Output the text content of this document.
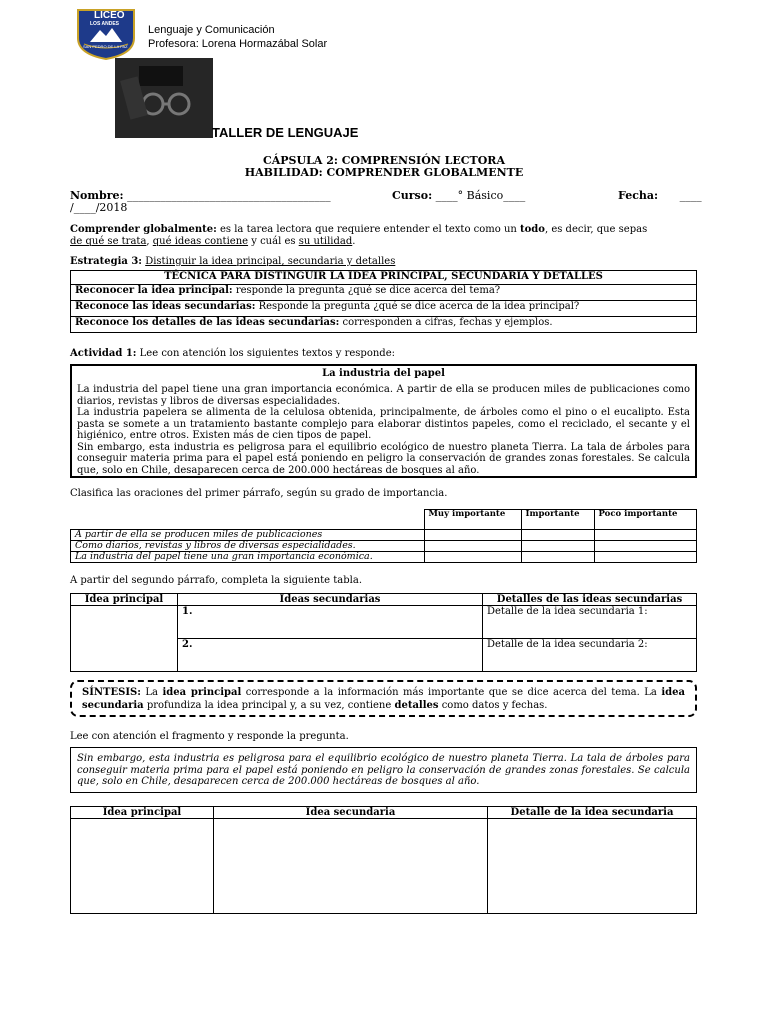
LICEO
LOS ANDES
SAN PEDRO DE LA PAZ
Lenguaje y Comunicación
Profesora: Lorena Hormazábal Solar
TALLER DE LENGUAJE
CÁPSULA 2: COMPRENSIÓN LECTORA
HABILIDAD: COMPRENDER GLOBALMENTE
Nombre: _____________________________________	Curso: ____° Básico____	Fecha: ____
/____/2018
Comprender globalmente: es la tarea lectora que requiere entender el texto como un todo, es decir, que sepas
de qué se trata, qué ideas contiene y cuál es su utilidad.
Estrategia 3: Distinguir la idea principal, secundaria y detalles
TÉCNICA PARA DISTINGUIR LA IDEA PRINCIPAL, SECUNDARIA Y DETALLES
Reconocer la idea principal: responde la pregunta ¿qué se dice acerca del tema?
Reconoce las ideas secundarias: Responde la pregunta ¿qué se dice acerca de la idea principal?
Reconoce los detalles de las ideas secundarias: corresponden a cifras, fechas y ejemplos.
Actividad 1: Lee con atención los siguientes textos y responde:
La industria del papel
La industria del papel tiene una gran importancia económica. A partir de ella se producen miles de publicaciones como diarios, revistas y libros de diversas especialidades.
La industria papelera se alimenta de la celulosa obtenida, principalmente, de árboles como el pino o el eucalipto. Esta pasta se somete a un tratamiento bastante complejo para elaborar distintos papeles, como el reciclado, el secante y el higiénico, entre otros. Existen más de cien tipos de papel.
Sin embargo, esta industria es peligrosa para el equilibrio ecológico de nuestro planeta Tierra. La tala de árboles para conseguir materia prima para el papel está poniendo en peligro la conservación de grandes zonas forestales. Se calcula que, solo en Chile, desaparecen cerca de 200.000 hectáreas de bosques al año.
Clasifica las oraciones del primer párrafo, según su grado de importancia.
	Muy importante	Importante	Poco importante
A partir de ella se producen miles de publicaciones			
Como diarios, revistas y libros de diversas especialidades.			
La industria del papel tiene una gran importancia económica.			
A partir del segundo párrafo, completa la siguiente tabla.
Idea principal	Ideas secundarias	Detalles de las ideas secundarias
	1.	Detalle de la idea secundaria 1:
	2.	Detalle de la idea secundaria 2:
SÍNTESIS: La idea principal corresponde a la información más importante que se dice acerca del tema. La idea secundaria profundiza la idea principal y, a su vez, contiene detalles como datos y fechas.
Lee con atención el fragmento y responde la pregunta.
Sin embargo, esta industria es peligrosa para el equilibrio ecológico de nuestro planeta Tierra. La tala de árboles para conseguir materia prima para el papel está poniendo en peligro la conservación de grandes zonas forestales. Se calcula que, solo en Chile, desaparecen cerca de 200.000 hectáreas de bosques al año.
Idea principal	Idea secundaria	Detalle de la idea secundaria
